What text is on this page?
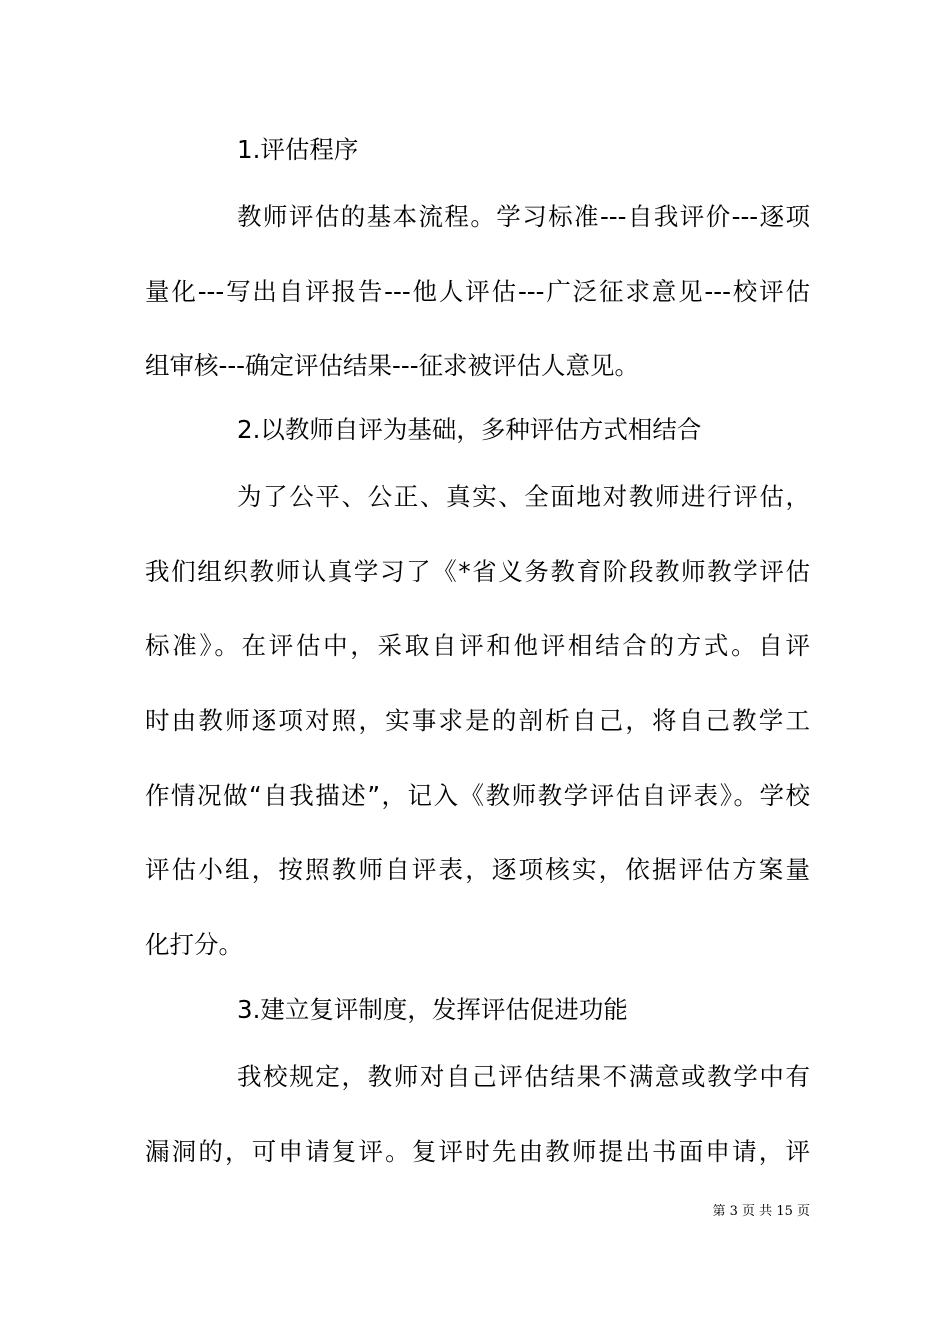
1.评估程序
教师评估的基本流程。学习标准---自我评价---逐项
量化---写出自评报告---他人评估---广泛征求意见---校评估
组审核---确定评估结果---征求被评估人意见。
2.以教师自评为基础，多种评估方式相结合
为了公平、公正、真实、全面地对教师进行评估，
我们组织教师认真学习了《*省义务教育阶段教师教学评估
标准》。在评估中，采取自评和他评相结合的方式。自评
时由教师逐项对照，实事求是的剖析自己，将自己教学工
作情况做“自我描述”，记入《教师教学评估自评表》。学校
评估小组，按照教师自评表，逐项核实，依据评估方案量
化打分。
3.建立复评制度，发挥评估促进功能
我校规定，教师对自己评估结果不满意或教学中有
漏洞的，可申请复评。复评时先由教师提出书面申请，评
第 3 页 共 15 页
